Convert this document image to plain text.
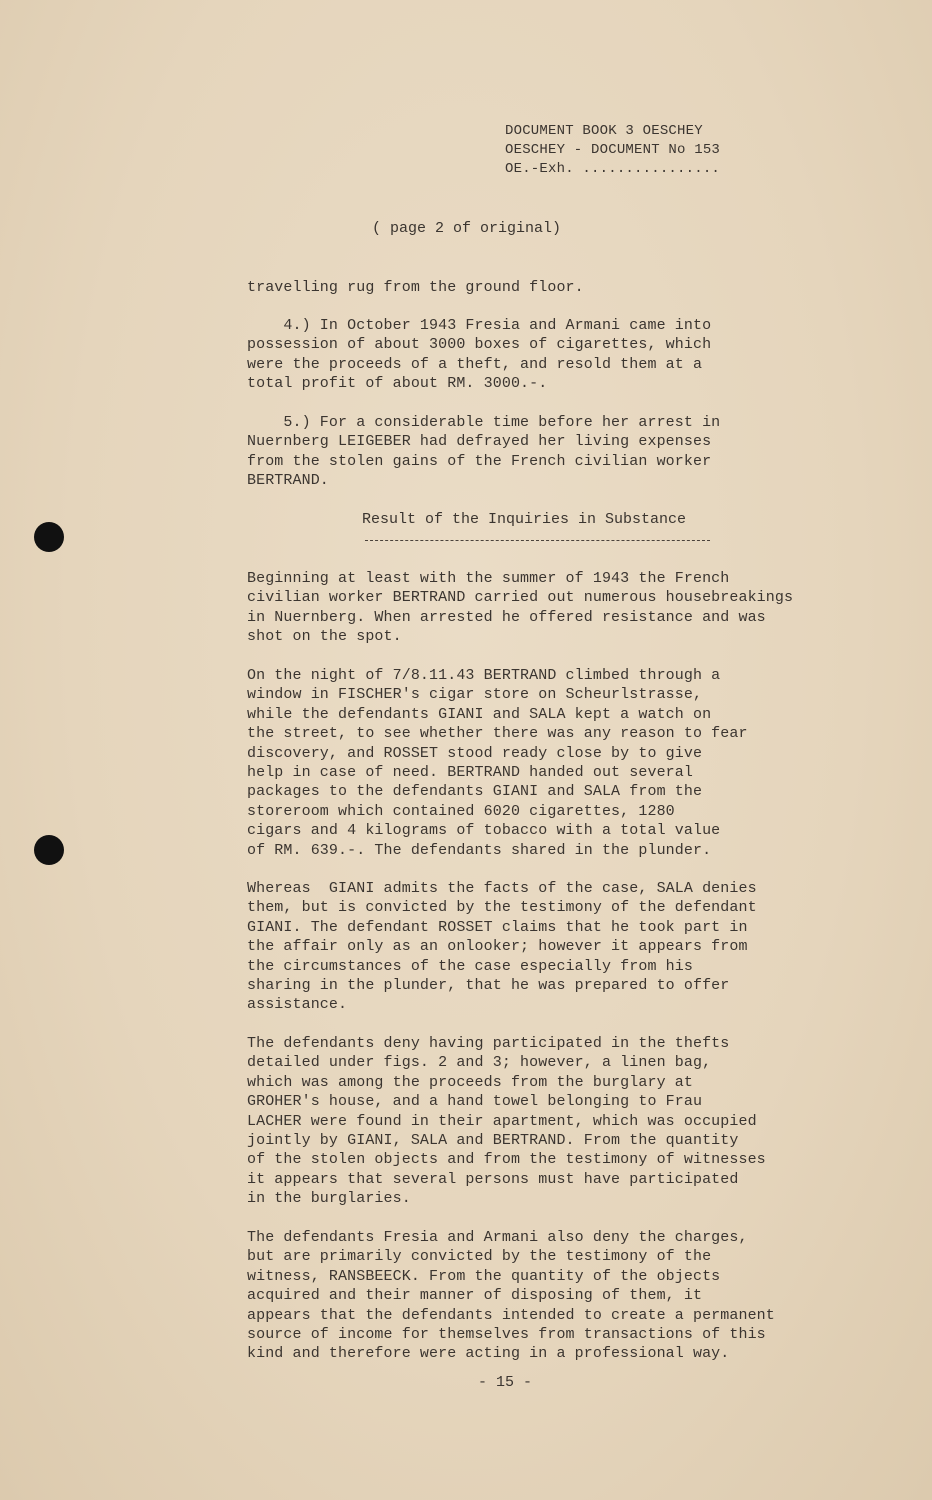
DOCUMENT BOOK 3 OESCHEY
OESCHEY - DOCUMENT No 153
OE.-Exh. ................
( page 2 of original)
travelling rug from the ground floor.
4.) In October 1943 Fresia and Armani came into
possession of about 3000 boxes of cigarettes, which
were the proceeds of a theft, and resold them at a
total profit of about RM. 3000.-.
5.) For a considerable time before her arrest in
Nuernberg LEIGEBER had defrayed her living expenses
from the stolen gains of the French civilian worker
BERTRAND.
Result of the Inquiries in Substance
Beginning at least with the summer of 1943 the French
civilian worker BERTRAND carried out numerous housebreakings
in Nuernberg. When arrested he offered resistance and was
shot on the spot.
On the night of 7/8.11.43 BERTRAND climbed through a
window in FISCHER's cigar store on Scheurlstrasse,
while the defendants GIANI and SALA kept a watch on
the street, to see whether there was any reason to fear
discovery, and ROSSET stood ready close by to give
help in case of need. BERTRAND handed out several
packages to the defendants GIANI and SALA from the
storeroom which contained 6020 cigarettes, 1280
cigars and 4 kilograms of tobacco with a total value
of RM. 639.-. The defendants shared in the plunder.
Whereas  GIANI admits the facts of the case, SALA denies
them, but is convicted by the testimony of the defendant
GIANI. The defendant ROSSET claims that he took part in
the affair only as an onlooker; however it appears from
the circumstances of the case especially from his
sharing in the plunder, that he was prepared to offer
assistance.
The defendants deny having participated in the thefts
detailed under figs. 2 and 3; however, a linen bag,
which was among the proceeds from the burglary at
GROHER's house, and a hand towel belonging to Frau
LACHER were found in their apartment, which was occupied
jointly by GIANI, SALA and BERTRAND. From the quantity
of the stolen objects and from the testimony of witnesses
it appears that several persons must have participated
in the burglaries.
The defendants Fresia and Armani also deny the charges,
but are primarily convicted by the testimony of the
witness, RANSBEECK. From the quantity of the objects
acquired and their manner of disposing of them, it
appears that the defendants intended to create a permanent
source of income for themselves from transactions of this
kind and therefore were acting in a professional way.
- 15 -
